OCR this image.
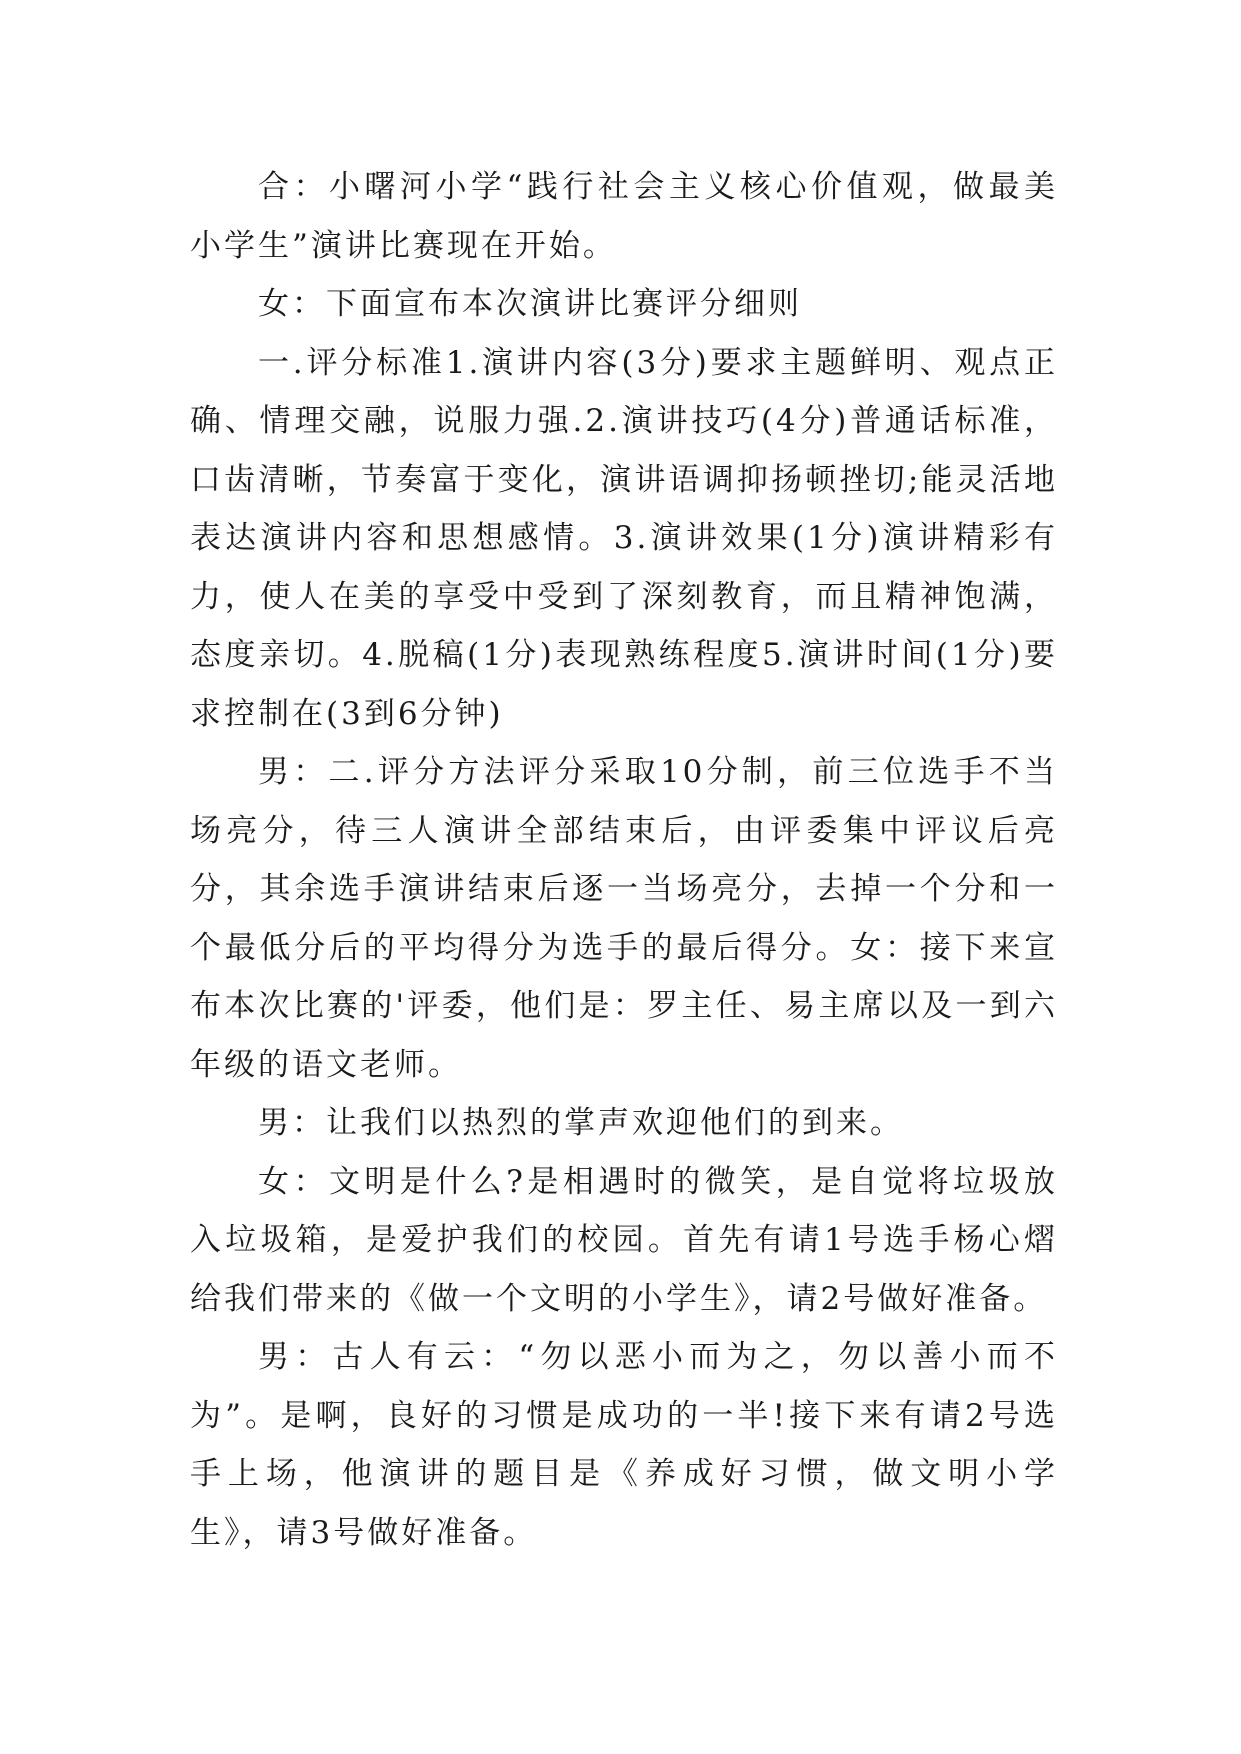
合：小曙河小学“践行社会主义核心价值观，做最美小学生”演讲比赛现在开始。

女：下面宣布本次演讲比赛评分细则

一.评分标准1.演讲内容(3分)要求主题鲜明、观点正确、情理交融，说服力强.2.演讲技巧(4分)普通话标准，口齿清晰，节奏富于变化，演讲语调抑扬顿挫切;能灵活地表达演讲内容和思想感情。3.演讲效果(1分)演讲精彩有力，使人在美的享受中受到了深刻教育，而且精神饱满，态度亲切。4.脱稿(1分)表现熟练程度5.演讲时间(1分)要求控制在(3到6分钟)

男：二.评分方法评分采取10分制，前三位选手不当场亮分，待三人演讲全部结束后，由评委集中评议后亮分，其余选手演讲结束后逐一当场亮分，去掉一个分和一个最低分后的平均得分为选手的最后得分。女：接下来宣布本次比赛的'评委，他们是：罗主任、易主席以及一到六年级的语文老师。

男：让我们以热烈的掌声欢迎他们的到来。

女：文明是什么?是相遇时的微笑，是自觉将垃圾放入垃圾箱，是爱护我们的校园。首先有请1号选手杨心熠给我们带来的《做一个文明的小学生》，请2号做好准备。

男：古人有云：“勿以恶小而为之，勿以善小而不为”。是啊，良好的习惯是成功的一半!接下来有请2号选手上场，他演讲的题目是《养成好习惯，做文明小学生》，请3号做好准备。
